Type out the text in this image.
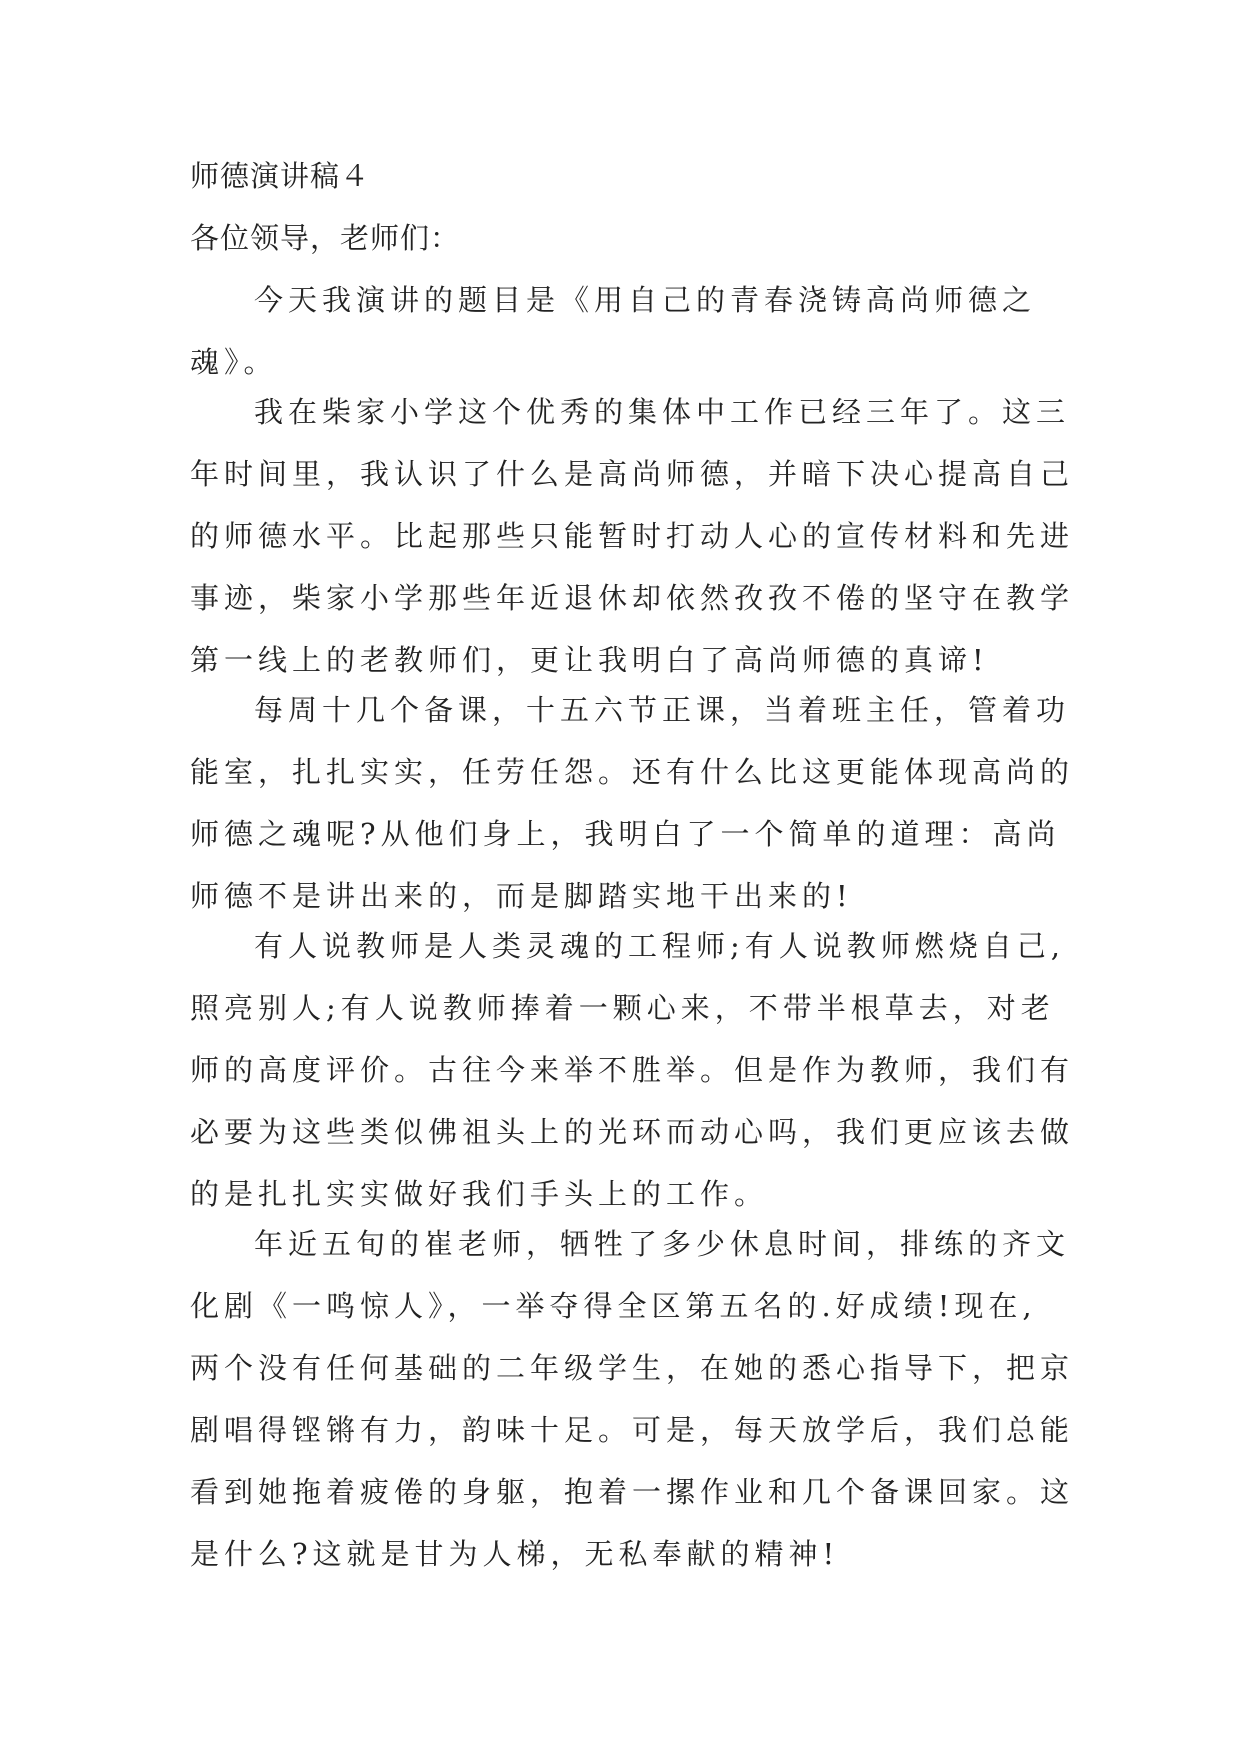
师德演讲稿４
各位领导，老师们：
今天我演讲的题目是《用自己的青春浇铸高尚师德之
魂》。
我在柴家小学这个优秀的集体中工作已经三年了。这三
年时间里，我认识了什么是高尚师德，并暗下决心提高自己
的师德水平。比起那些只能暂时打动人心的宣传材料和先进
事迹，柴家小学那些年近退休却依然孜孜不倦的坚守在教学
第一线上的老教师们，更让我明白了高尚师德的真谛!
每周十几个备课，十五六节正课，当着班主任，管着功
能室，扎扎实实，任劳任怨。还有什么比这更能体现高尚的
师德之魂呢?从他们身上，我明白了一个简单的道理：高尚
师德不是讲出来的，而是脚踏实地干出来的!
有人说教师是人类灵魂的工程师;有人说教师燃烧自己,
照亮别人;有人说教师捧着一颗心来，不带半根草去，对老
师的高度评价。古往今来举不胜举。但是作为教师，我们有
必要为这些类似佛祖头上的光环而动心吗，我们更应该去做
的是扎扎实实做好我们手头上的工作。
年近五旬的崔老师，牺牲了多少休息时间，排练的齐文
化剧《一鸣惊人》，一举夺得全区第五名的.好成绩!现在,
两个没有任何基础的二年级学生，在她的悉心指导下，把京
剧唱得铿锵有力，韵味十足。可是，每天放学后，我们总能
看到她拖着疲倦的身躯，抱着一摞作业和几个备课回家。这
是什么?这就是甘为人梯，无私奉献的精神!
